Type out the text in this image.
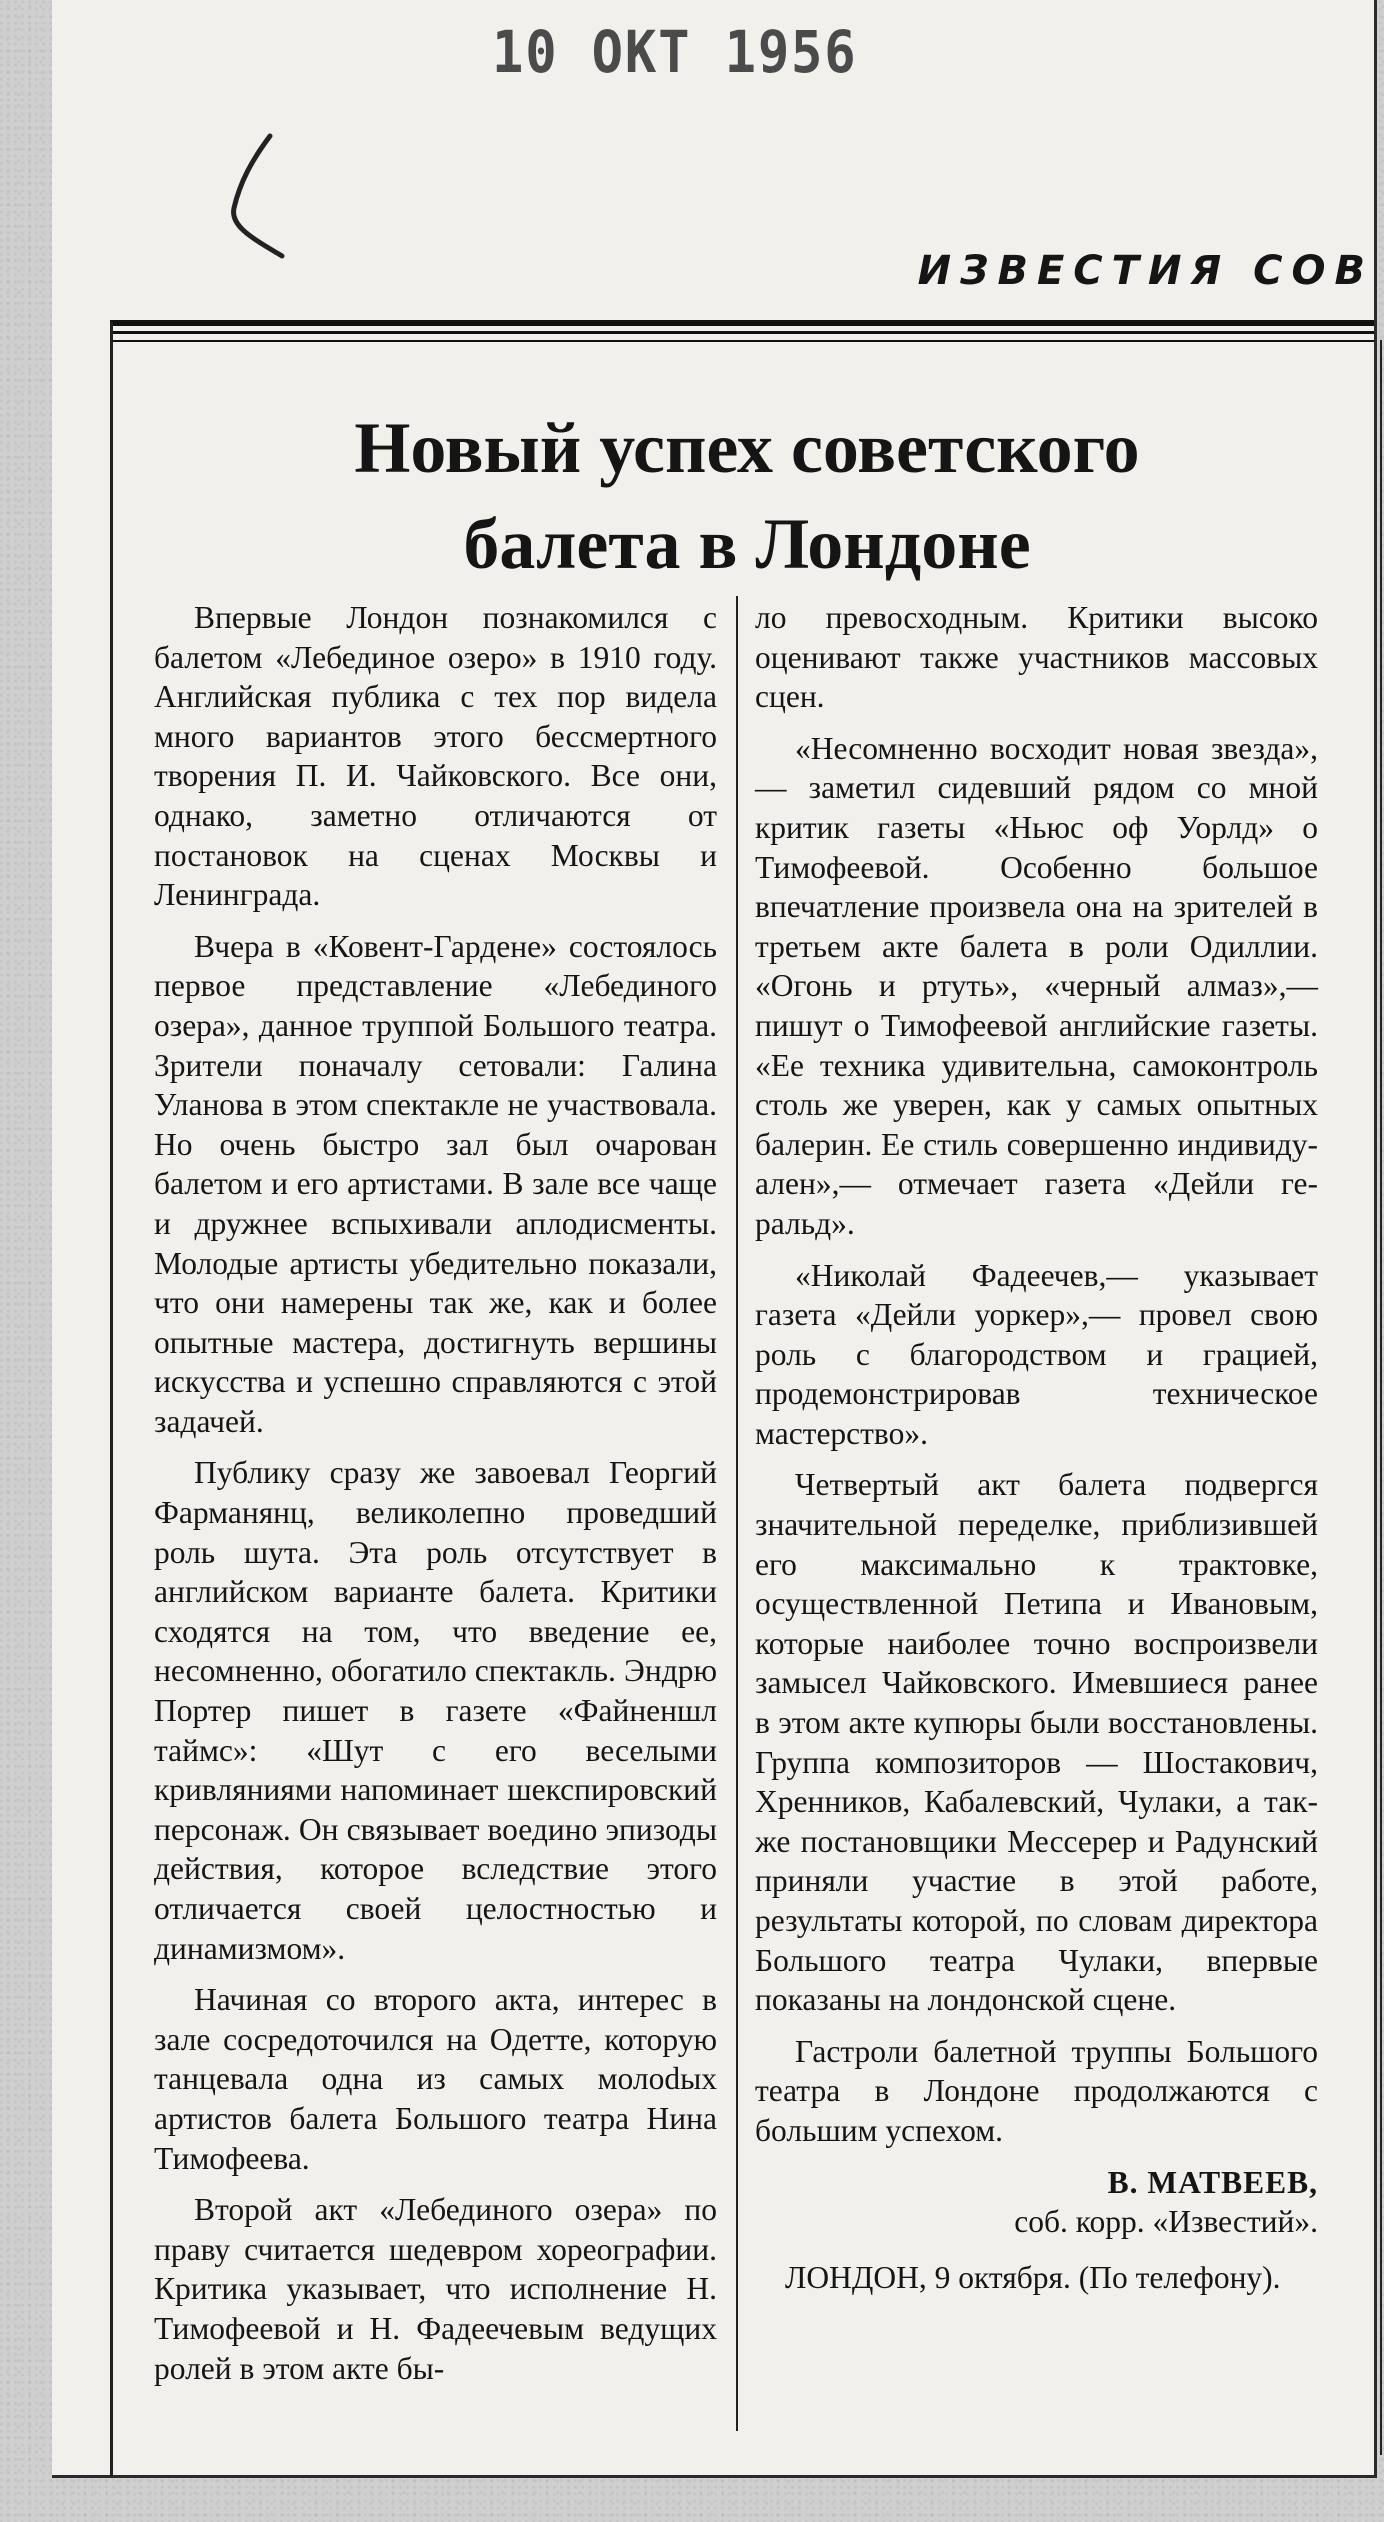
10 ОКТ 1956
ИЗВЕСТИЯ СОВ
Новый успех советского
балета в Лондоне

Впервые Лондон познакомился с балетом «Лебединое озеро» в 1910 году. Английская публика с тех пор видела много вариантов этого бессмертного творения П. И. Чайковского. Все они, однако, заметно отличаются от постановок на сценах Москвы и Ленинграда.

Вчера в «Ковент-Гардене» состоялось первое представление «Лебединого озера», данное труппой Большого театра. Зрители поначалу сетовали: Галина Уланова в этом спектакле не участвовала. Но очень быстро зал был очарован балетом и его артистами. В зале все чаще и дружнее вспыхивали аплодисменты. Молодые артисты убедительно показали, что они намерены так же, как и более опытные мастера, достигнуть вершины искусства и успешно справляются с этой задачей.

Публику сразу же завоевал Георгий Фарманянц, великолепно проведший роль шута. Эта роль отсутствует в английском варианте балета. Критики сходятся на том, что введение ее, несомненно, обогатило спектакль. Эндрю Портер пишет в газете «Файненшл таймс»: «Шут с его веселыми кривляниями напоминает шекспировский персонаж. Он связывает воедино эпизоды действия, которое вследствие этого отличается своей целостностью и динамизмом».

Начиная со второго акта, интерес в зале сосредоточился на Одетте, которую танцевала одна из самых молоdых артистов балета Большого театра Нина Тимофеева.

Второй акт «Лебединого озера» по праву считается шедевром хореографии. Критика указывает, что исполнение Н. Тимофеевой и Н. Фадеечевым ведущих ролей в этом акте бы-

ло превосходным. Критики высоко оценивают также участников массовых сцен.

«Несомненно восходит новая звезда»,— заметил сидевший рядом со мной критик газеты «Ньюс оф Уорлд» о Тимофеевой. Особенно большое впечатление произвела она на зрителей в третьем акте балета в роли Одиллии. «Огонь и ртуть», «черный алмаз»,— пишут о Тимофеевой английские газеты. «Ее техника удивительна, самоконтроль столь же уверен, как у самых опытных балерин. Ее стиль совершенно индивидуален»,— отмечает газета «Дейли геральд».

«Николай Фадеечев,— указывает газета «Дейли уоркер»,— провел свою роль с благородством и грацией, продемонстрировав техническое мастерство».

Четвертый акт балета подвергся значительной переделке, приблизившей его максимально к трактовке, осуществленной Петипа и Ивановым, которые наиболее точно воспроизвели замысел Чайковского. Имевшиеся ранее в этом акте купюры были восстановлены. Группа композиторов — Шостакович, Хренников, Кабалевский, Чулаки, а также постановщики Мессерер и Радунский приняли участие в этой работе, результаты которой, по словам директора Большого театра Чулаки, впервые показаны на лондонской сцене.

Гастроли балетной труппы Большого театра в Лондоне продолжаются с большим успехом.

В. МАТВЕЕВ,
соб. корр. «Известий».
ЛОНДОН, 9 октября. (По телефону).
